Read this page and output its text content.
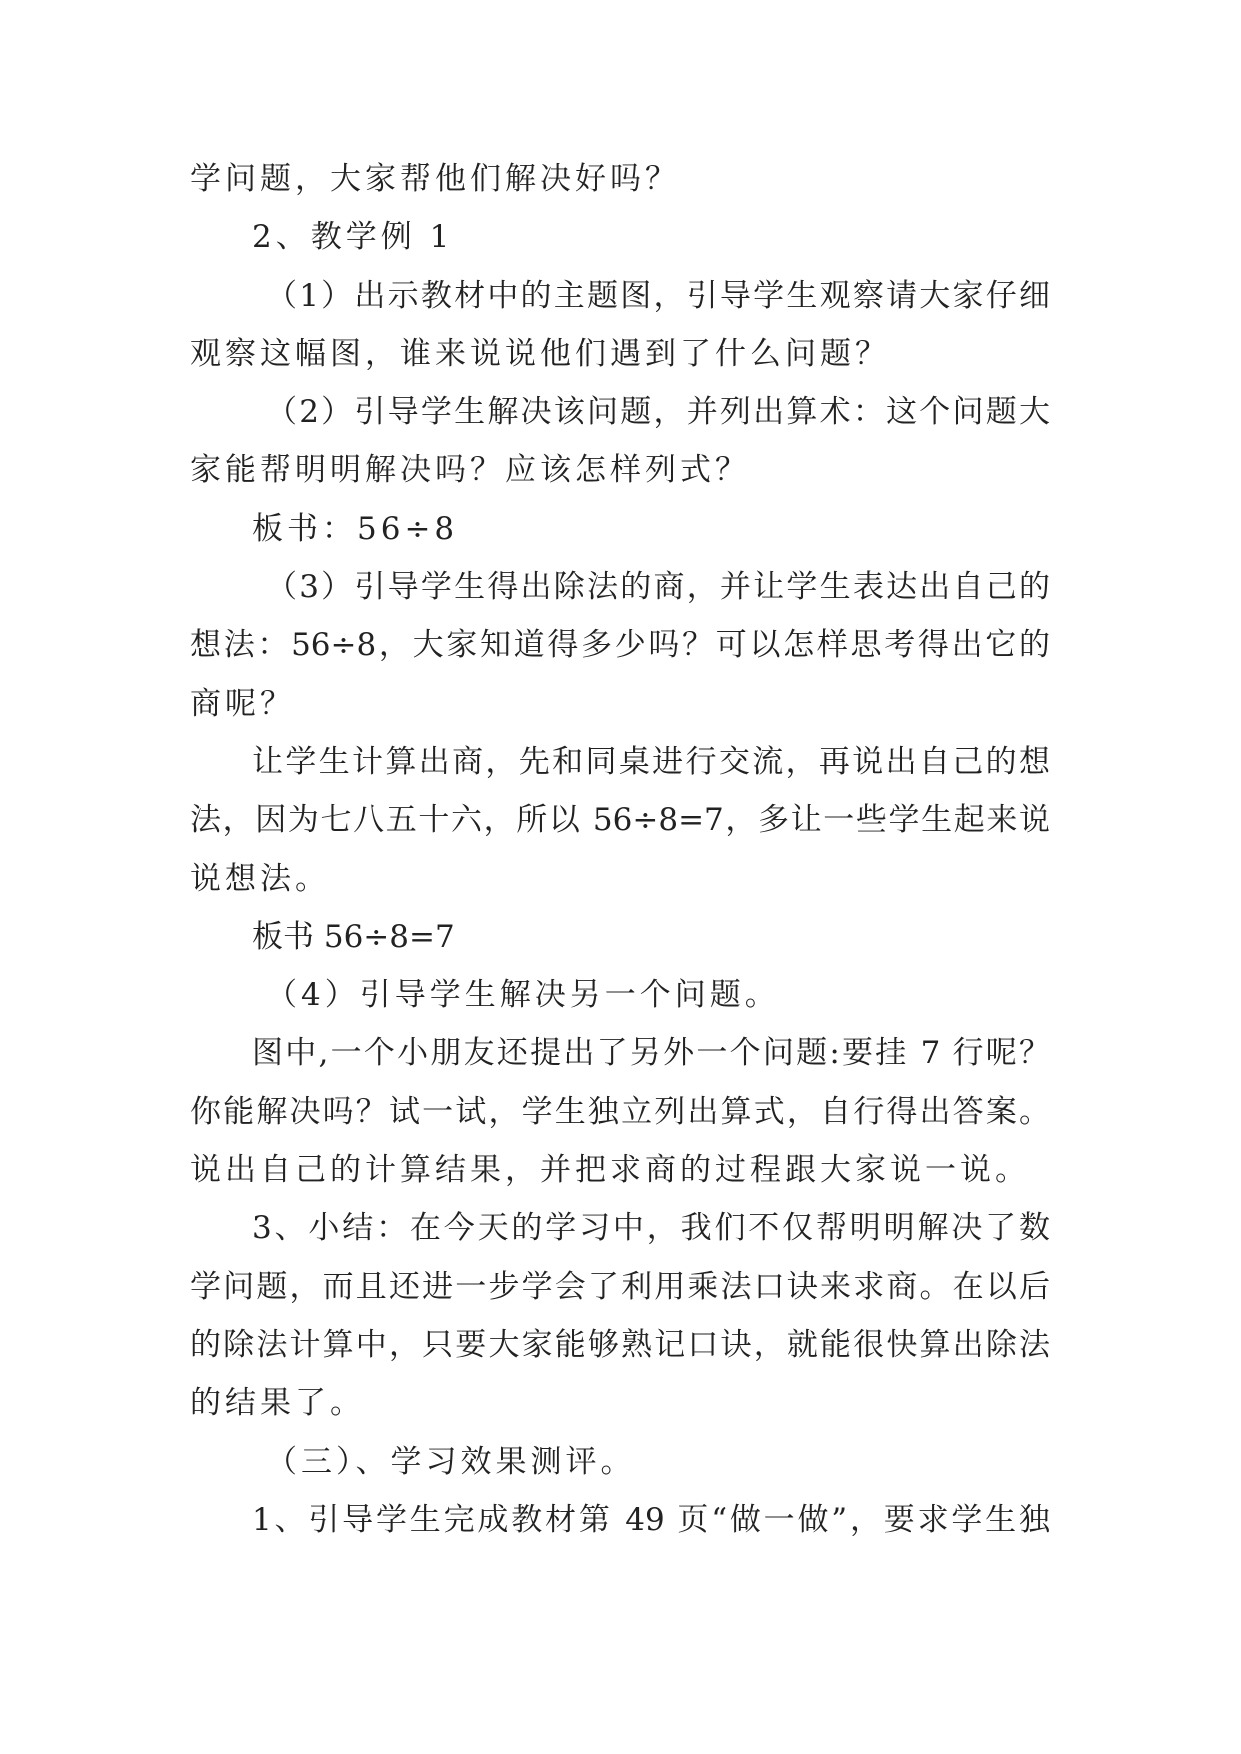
学问题，大家帮他们解决好吗？
2、教学例 1
（1）出示教材中的主题图，引导学生观察请大家仔细
观察这幅图，谁来说说他们遇到了什么问题？
（2）引导学生解决该问题，并列出算术：这个问题大
家能帮明明解决吗？应该怎样列式？
板书：56÷8
（3）引导学生得出除法的商，并让学生表达出自己的
想法：56÷8，大家知道得多少吗？可以怎样思考得出它的
商呢？
让学生计算出商，先和同桌进行交流，再说出自己的想
法，因为七八五十六，所以 56÷8=7，多让一些学生起来说
说想法。
板书 56÷8=7
（4）引导学生解决另一个问题。
图中,一个小朋友还提出了另外一个问题:要挂 7 行呢？
你能解决吗？试一试，学生独立列出算式，自行得出答案。
说出自己的计算结果，并把求商的过程跟大家说一说。
3、小结：在今天的学习中，我们不仅帮明明解决了数
学问题，而且还进一步学会了利用乘法口诀来求商。在以后
的除法计算中，只要大家能够熟记口诀，就能很快算出除法
的结果了。
（三）、学习效果测评。
1、引导学生完成教材第 49 页“做一做”，要求学生独
